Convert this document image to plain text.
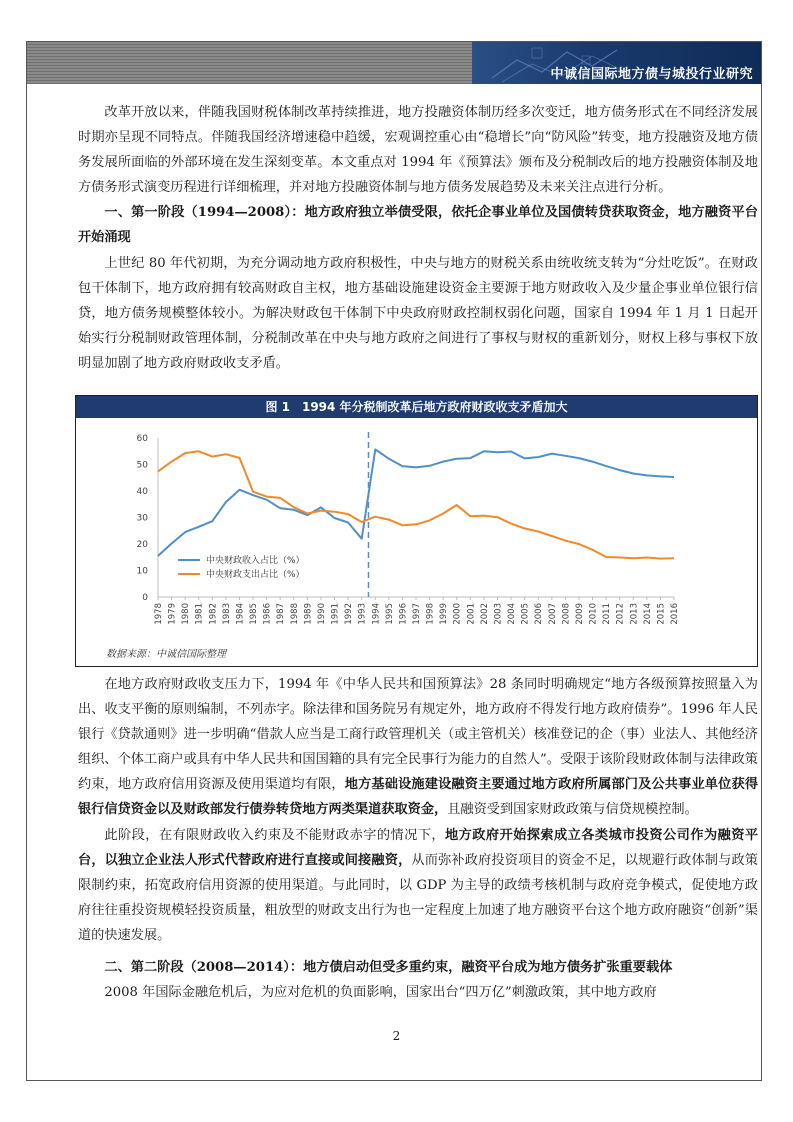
中诚信国际地方债与城投行业研究

改革开放以来，伴随我国财税体制改革持续推进，地方投融资体制历经多次变迁，地方债务形式在不同经济发展时期亦呈现不同特点。伴随我国经济增速稳中趋缓，宏观调控重心由“稳增长”向“防风险”转变，地方投融资及地方债务发展所面临的外部环境在发生深刻变革。本文重点对 1994 年《预算法》颁布及分税制改后的地方投融资体制及地方债务形式演变历程进行详细梳理，并对地方投融资体制与地方债务发展趋势及未来关注点进行分析。

一、第一阶段（1994—2008）：地方政府独立举债受限，依托企事业单位及国债转贷获取资金，地方融资平台开始涌现

上世纪 80 年代初期，为充分调动地方政府积极性，中央与地方的财税关系由统收统支转为“分灶吃饭”。在财政包干体制下，地方政府拥有较高财政自主权，地方基础设施建设资金主要源于地方财政收入及少量企事业单位银行信贷，地方债务规模整体较小。为解决财政包干体制下中央政府财政控制权弱化问题，国家自 1994 年 1 月 1 日起开始实行分税制财政管理体制，分税制改革在中央与地方政府之间进行了事权与财权的重新划分，财权上移与事权下放明显加剧了地方政府财政收支矛盾。

图 1　1994 年分税制改革后地方政府财政收支矛盾加大
0
10
20
30
40
50
60
1978 1979 1980 1981 1982 1983 1984 1985 1986 1987 1988 1989 1990 1991 1992 1993 1994 1995 1996 1997 1998 1999 2000 2001 2002 2003 2004 2005 2006 2007 2008 2009 2010 2011 2012 2013 2014 2015 2016
中央财政收入占比（%）
中央财政支出占比（%）
数据来源：中诚信国际整理

在地方政府财政收支压力下，1994 年《中华人民共和国预算法》28 条同时明确规定“地方各级预算按照量入为出、收支平衡的原则编制，不列赤字。除法律和国务院另有规定外，地方政府不得发行地方政府债券”。1996 年人民银行《贷款通则》进一步明确“借款人应当是工商行政管理机关（或主管机关）核准登记的企（事）业法人、其他经济组织、个体工商户或具有中华人民共和国国籍的具有完全民事行为能力的自然人”。受限于该阶段财政体制与法律政策约束，地方政府信用资源及使用渠道均有限，地方基础设施建设融资主要通过地方政府所属部门及公共事业单位获得银行信贷资金以及财政部发行债券转贷地方两类渠道获取资金，且融资受到国家财政政策与信贷规模控制。

此阶段，在有限财政收入约束及不能财政赤字的情况下，地方政府开始探索成立各类城市投资公司作为融资平台，以独立企业法人形式代替政府进行直接或间接融资，从而弥补政府投资项目的资金不足，以规避行政体制与政策限制约束，拓宽政府信用资源的使用渠道。与此同时，以 GDP 为主导的政绩考核机制与政府竞争模式，促使地方政府往往重投资规模轻投资质量，粗放型的财政支出行为也一定程度上加速了地方融资平台这个地方政府融资“创新”渠道的快速发展。

二、第二阶段（2008—2014）：地方债启动但受多重约束，融资平台成为地方债务扩张重要载体

2008 年国际金融危机后，为应对危机的负面影响，国家出台“四万亿”刺激政策，其中地方政府

2
